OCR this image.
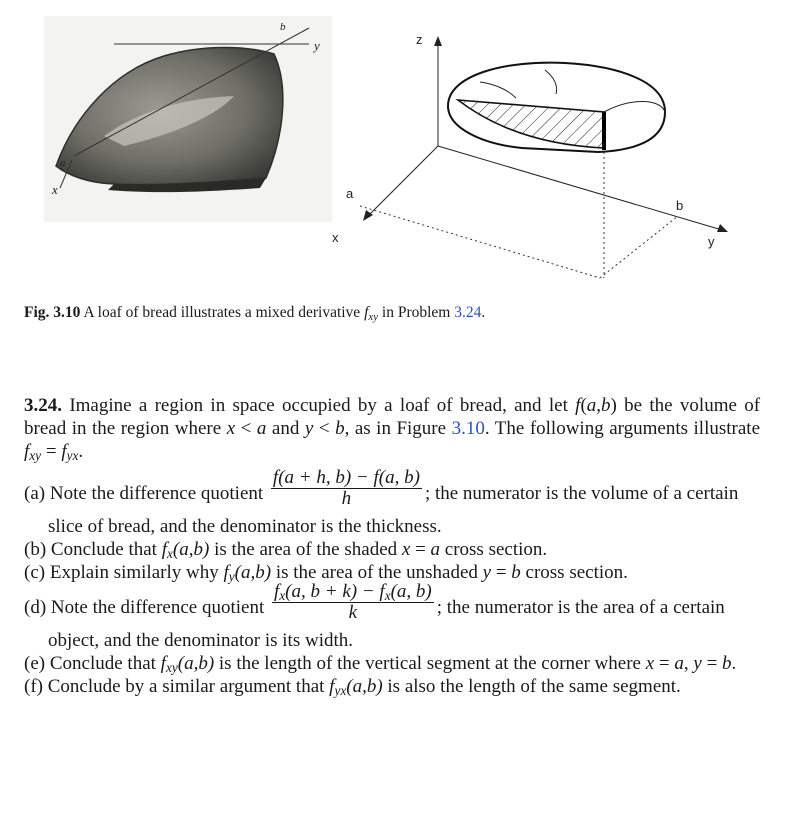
x
a
b
y	z
y
x
a
b
Fig. 3.10 A loaf of bread illustrates a mixed derivative $f_{xy}$ in Problem 3.24.

3.24. Imagine a region in space occupied by a loaf of bread, and let f(a,b) be the volume of bread in the region where x < a and y < b, as in Figure 3.10. The following arguments illustrate $f_{xy} = f_{yx}$.

(a) Note the difference quotient $\frac{f(a + h, b) - f(a, b)}{h}$ ; the numerator is the volume of a certain slice of bread, and the denominator is the thickness.

(b) Conclude that $f_x(a,b)$ is the area of the shaded x = a cross section.

(c) Explain similarly why $f_y(a,b)$ is the area of the unshaded y = b cross section.

(d) Note the difference quotient $\frac{f_x(a, b + k) - f_x(a, b)}{k}$ ; the numerator is the area of a certain object, and the denominator is its width.

(e) Conclude that $f_{xy}(a,b)$ is the length of the vertical segment at the corner where x = a, y = b.

(f) Conclude by a similar argument that $f_{yx}(a,b)$ is also the length of the same segment.
